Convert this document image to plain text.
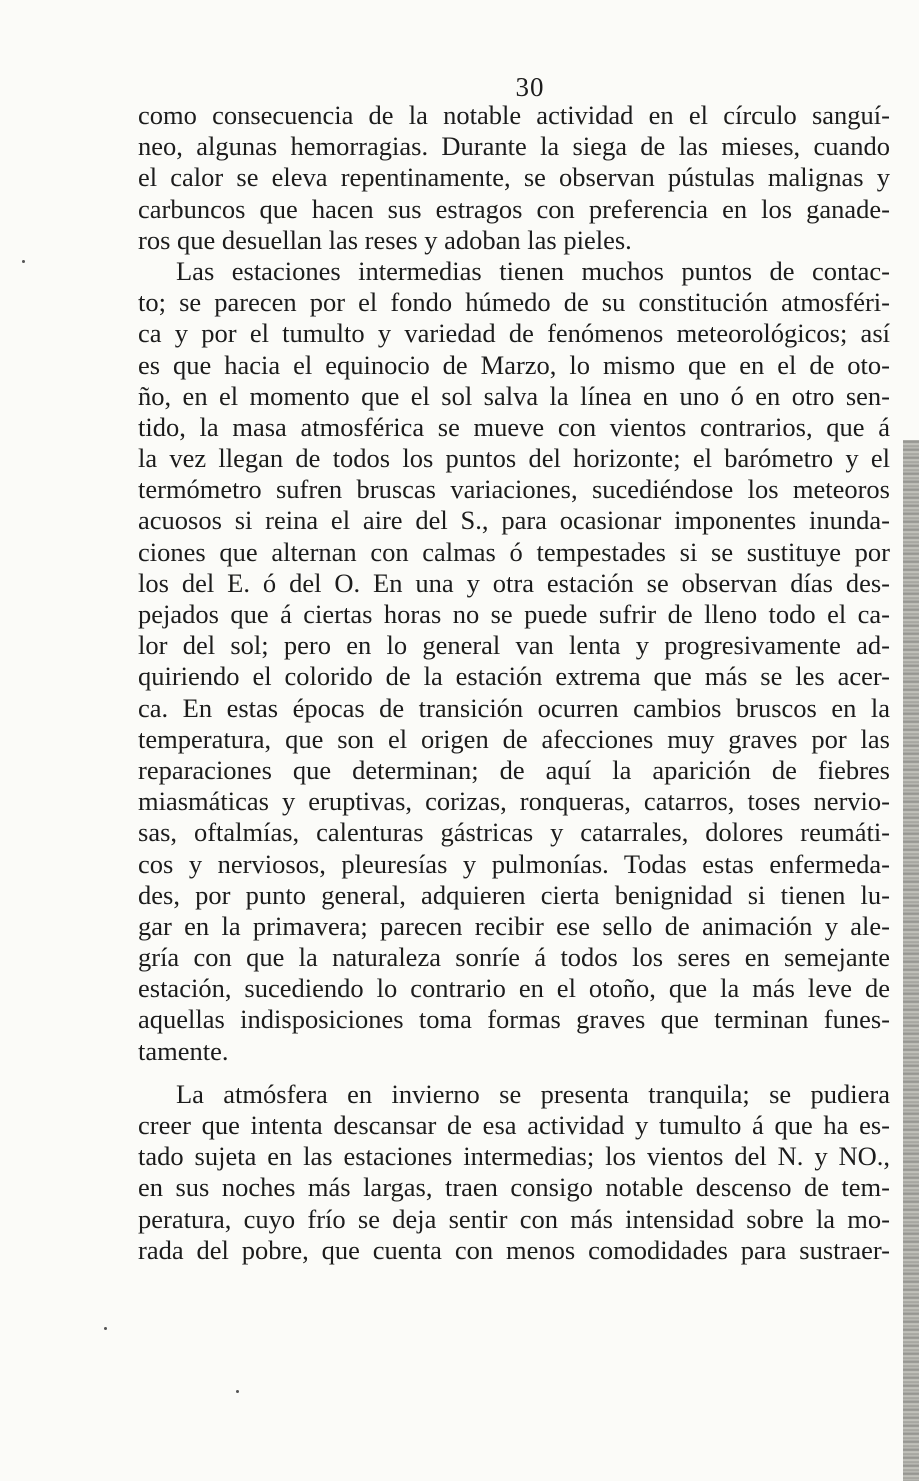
30
como consecuencia de la notable actividad en el círculo sanguí-
neo, algunas hemorragias. Durante la siega de las mieses, cuando
el calor se eleva repentinamente, se observan pústulas malignas y
carbuncos que hacen sus estragos con preferencia en los ganade-
ros que desuellan las reses y adoban las pieles.
Las estaciones intermedias tienen muchos puntos de contac-
to; se parecen por el fondo húmedo de su constitución atmosféri-
ca y por el tumulto y variedad de fenómenos meteorológicos; así
es que hacia el equinocio de Marzo, lo mismo que en el de oto-
ño, en el momento que el sol salva la línea en uno ó en otro sen-
tido, la masa atmosférica se mueve con vientos contrarios, que á
la vez llegan de todos los puntos del horizonte; el barómetro y el
termómetro sufren bruscas variaciones, sucediéndose los meteoros
acuosos si reina el aire del S., para ocasionar imponentes inunda-
ciones que alternan con calmas ó tempestades si se sustituye por
los del E. ó del O. En una y otra estación se observan días des-
pejados que á ciertas horas no se puede sufrir de lleno todo el ca-
lor del sol; pero en lo general van lenta y progresivamente ad-
quiriendo el colorido de la estación extrema que más se les acer-
ca. En estas épocas de transición ocurren cambios bruscos en la
temperatura, que son el origen de afecciones muy graves por las
reparaciones que determinan; de aquí la aparición de fiebres
miasmáticas y eruptivas, corizas, ronqueras, catarros, toses nervio-
sas, oftalmías, calenturas gástricas y catarrales, dolores reumáti-
cos y nerviosos, pleuresías y pulmonías. Todas estas enfermeda-
des, por punto general, adquieren cierta benignidad si tienen lu-
gar en la primavera; parecen recibir ese sello de animación y ale-
gría con que la naturaleza sonríe á todos los seres en semejante
estación, sucediendo lo contrario en el otoño, que la más leve de
aquellas indisposiciones toma formas graves que terminan funes-
tamente.
La atmósfera en invierno se presenta tranquila; se pudiera
creer que intenta descansar de esa actividad y tumulto á que ha es-
tado sujeta en las estaciones intermedias; los vientos del N. y NO.,
en sus noches más largas, traen consigo notable descenso de tem-
peratura, cuyo frío se deja sentir con más intensidad sobre la mo-
rada del pobre, que cuenta con menos comodidades para sustraer-
